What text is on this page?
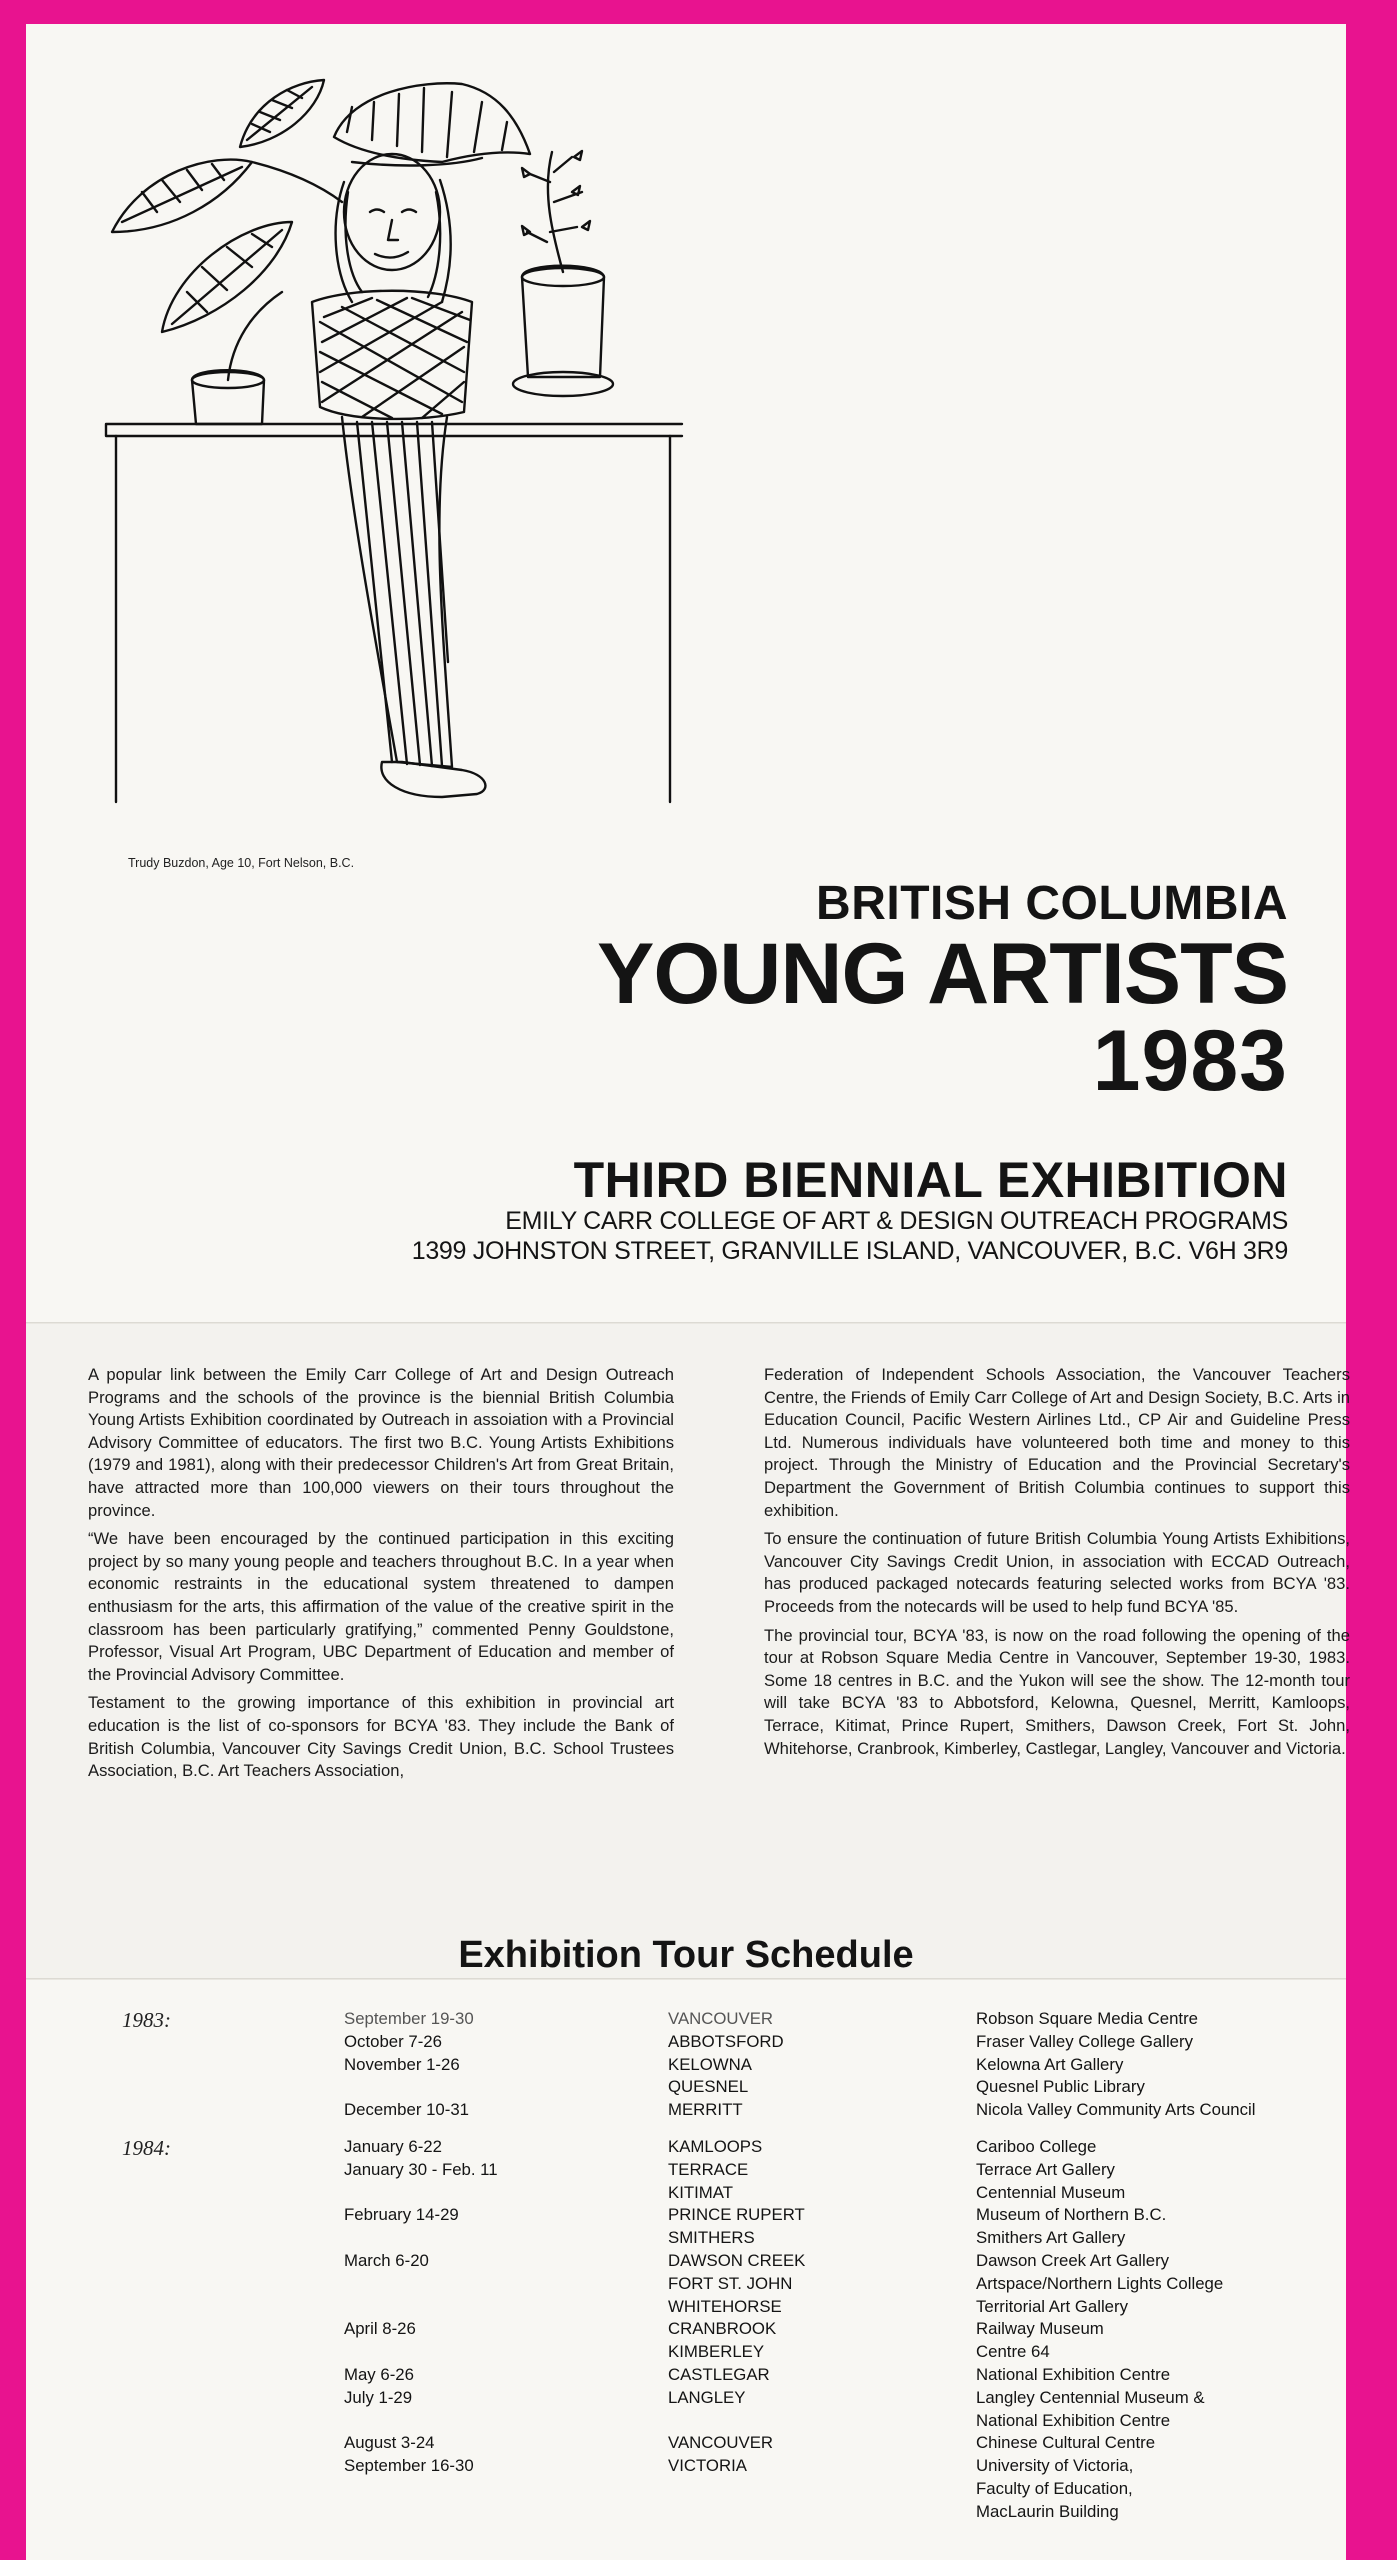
Trudy Buzdon, Age 10, Fort Nelson, B.C.
BRITISH COLUMBIA
YOUNG ARTISTS
1983
THIRD BIENNIAL EXHIBITION
EMILY CARR COLLEGE OF ART & DESIGN OUTREACH PROGRAMS
1399 JOHNSTON STREET, GRANVILLE ISLAND, VANCOUVER, B.C. V6H 3R9

A popular link between the Emily Carr College of Art and Design Outreach Programs and the schools of the province is the biennial British Columbia Young Artists Exhibition coordinated by Outreach in assoiation with a Provincial Advisory Committee of educators. The first two B.C. Young Artists Exhibitions (1979 and 1981), along with their predecessor Children's Art from Great Britain, have attracted more than 100,000 viewers on their tours throughout the province.

“We have been encouraged by the continued participation in this exciting project by so many young people and teachers throughout B.C. In a year when economic restraints in the educational system threatened to dampen enthusiasm for the arts, this affirmation of the value of the creative spirit in the classroom has been particularly gratifying,” commented Penny Gouldstone, Professor, Visual Art Program, UBC Department of Education and member of the Provincial Advisory Committee.

Testament to the growing importance of this exhibition in provincial art education is the list of co-sponsors for BCYA '83. They include the Bank of British Columbia, Vancouver City Savings Credit Union, B.C. School Trustees Association, B.C. Art Teachers Association,

Federation of Independent Schools Association, the Vancouver Teachers Centre, the Friends of Emily Carr College of Art and Design Society, B.C. Arts in Education Council, Pacific Western Airlines Ltd., CP Air and Guideline Press Ltd. Numerous individuals have volunteered both time and money to this project. Through the Ministry of Education and the Provincial Secretary's Department the Government of British Columbia continues to support this exhibition.

To ensure the continuation of future British Columbia Young Artists Exhibitions, Vancouver City Savings Credit Union, in association with ECCAD Outreach, has produced packaged notecards featuring selected works from BCYA '83. Proceeds from the notecards will be used to help fund BCYA '85.

The provincial tour, BCYA '83, is now on the road following the opening of the tour at Robson Square Media Centre in Vancouver, September 19-30, 1983. Some 18 centres in B.C. and the Yukon will see the show. The 12-month tour will take BCYA '83 to Abbotsford, Kelowna, Quesnel, Merritt, Kamloops, Terrace, Kitimat, Prince Rupert, Smithers, Dawson Creek, Fort St. John, Whitehorse, Cranbrook, Kimberley, Castlegar, Langley, Vancouver and Victoria.

Exhibition Tour Schedule
1983:	September 19-30	VANCOUVER	Robson Square Media Centre
October 7-26	ABBOTSFORD	Fraser Valley College Gallery
November 1-26	KELOWNA	Kelowna Art Gallery
QUESNEL	Quesnel Public Library
December 10-31	MERRITT	Nicola Valley Community Arts Council
1984:	January 6-22	KAMLOOPS	Cariboo College
January 30 - Feb. 11	TERRACE	Terrace Art Gallery
KITIMAT	Centennial Museum
February 14-29	PRINCE RUPERT	Museum of Northern B.C.
SMITHERS	Smithers Art Gallery
March 6-20	DAWSON CREEK	Dawson Creek Art Gallery
FORT ST. JOHN	Artspace/Northern Lights College
WHITEHORSE	Territorial Art Gallery
April 8-26	CRANBROOK	Railway Museum
KIMBERLEY	Centre 64
May 6-26	CASTLEGAR	National Exhibition Centre
July 1-29	LANGLEY	Langley Centennial Museum &
National Exhibition Centre
August 3-24	VANCOUVER	Chinese Cultural Centre
September 16-30	VICTORIA	University of Victoria,
Faculty of Education,
MacLaurin Building
